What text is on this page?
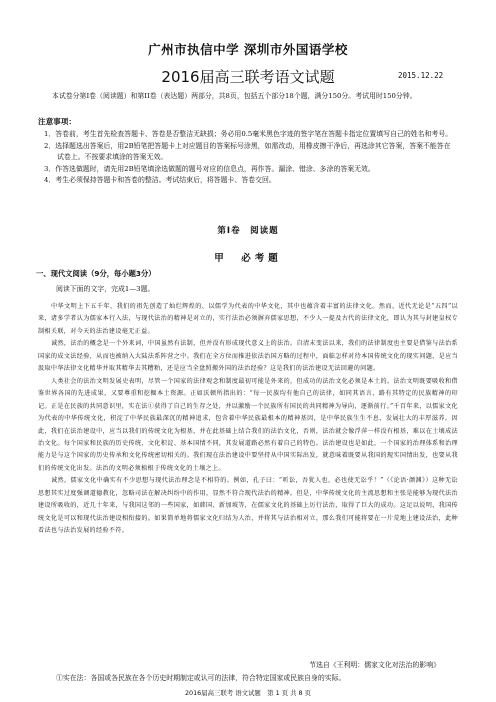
广州市执信中学 深圳市外国语学校
2016届高三联考语文试题	2015.12.22
本试卷分第I卷（阅读题）和第II卷（表达题）两部分，共8页，包括五个部分18个题，满分150分。考试用时150分钟。
注意事项：
1．答卷前，考生首先检查答题卡、答卷是否整洁无缺损；务必用0.5毫米黑色字迹的签字笔在答题卡指定位置填写自己的姓名和考号。
2．选择题选出答案后，用2B铅笔把答题卡上对应题目的答案标号涂黑，如需改动，用橡皮擦干净后，再选涂其它答案，答案不能答在试卷上。不按要求填涂的答案无效。
3．作答选做题时，请先用2B铅笔填涂选做题的题号对应的信息点，再作答。漏涂、错涂、多涂的答案无效。
4．考生必须保持答题卡和答卷的整洁。考试结束后，将答题卡、答卷交回。
第Ⅰ卷　阅读题
甲　必考题
一、现代文阅读（9分，每小题3分）
阅读下面的文字，完成1—3题。

中华文明上下五千年，我们的祖先创造了灿烂辉煌的、以儒学为代表的中华文化，其中也蕴含着丰富的法律文化。然而，近代无论是“五四”以来，诸多学者认为儒家本行入法，与现代法治的精神是对立的，实行法治必须摒弃儒家思想，不少人一提及古代的法律文化，即认为其与封建皇权专制相关联，对今天的法治建设毫无正益。

诚然，法治的概念是一个外来词，中国虽然有法制，但并没有形成现代意义上的法治。自清末变法以来，我们的法律制度也主要是借鉴与法治系国家的成文法经验，从而也被纳入大陆法系阵营之中。我们在全方位而推进依法治国方略的过程中，面临怎样对待本国传统文化的现实问题，是应当汲取中华法律文化精华并取其精华去其糟粕，还是应当全盘照搬外国的法治经验？这是我们的法治建设无法回避的问题。

人类社会的法治文明发展史表明，尽管一个国家的法律观念和制度最初可能是外来的，但成功的法治文化必须是本土的。法治文明既要吸收和借鉴世界各国的先进成果，又要尊重和挖掘本土资源。正如沃顿所指出的：“每一民族均有他自己的法律，如同其语言，路有其特定的民族精神的印记。正是在民族的共同意识里，实在法①获得了自己的生存之处，并以激励一个民族所有国民的共同精神为导向，逐渐前行。”千百年来，以儒家文化为代表的中华传统文化，积淀了中华民族最深沉的精神追求，包含着中华民族最根本的精神基因，是中华民族生生不息、发展壮大的丰厚滋养。因此，我们在法治建设中，应当以我们的传统文化为根基，并在此基础上结合我们的法治文化，否则，法治就会像浮萍一样没有根基，难以在土壤成法治文化。每个国家和民族的历史传统、文化积淀、基本国情不同，其发展道路必然有着自己的特色。法治建设也是如此，一个国家的治理体系和治理能力是与这个国家的历史传承和文化传统密切相关的。我们现在法治建设中要坚持从中国实际出发，就意味着既要从我国的现实国情出发，也要从我们的传统文化出发。法治的文明必须植根于传统文化的土壤之上。

诚然，儒家文化中确实有不少思想与现代法治理念是不相符的。例如，孔子曰：“听讼，吾犹人也，必也使无讼乎！”（《论语·颜渊》）这种无讼思想其实过度强调道德教化，忽略司法在解决纠纷中的作用，显然不符合现代法治的精神。但是，中华传统文化的主流思想和主张是能够为现代法治建设所吸收的，近几十年来，与我国这邻的一些国家，如韩国、新加坡等，在儒家文化的基础上厉行法治，取得了巨大的成功。这足以说明，我国传统文化是可以和现代法治建设相衔接的。如果简单地将儒家文化归结为人治，并将其与法治相对立，那么我们可能将要在一片荒地上建设法治，此种看法也与法治发展的经验不符。

节选自《王利明：儒家文化对法治的影响》
①实在法：各国或各民族在各个历史时期制定或认可的法律，符合特定国家或民族自身的实际。
2016届高三联考 语文试题　第 1 页 共 8 页
